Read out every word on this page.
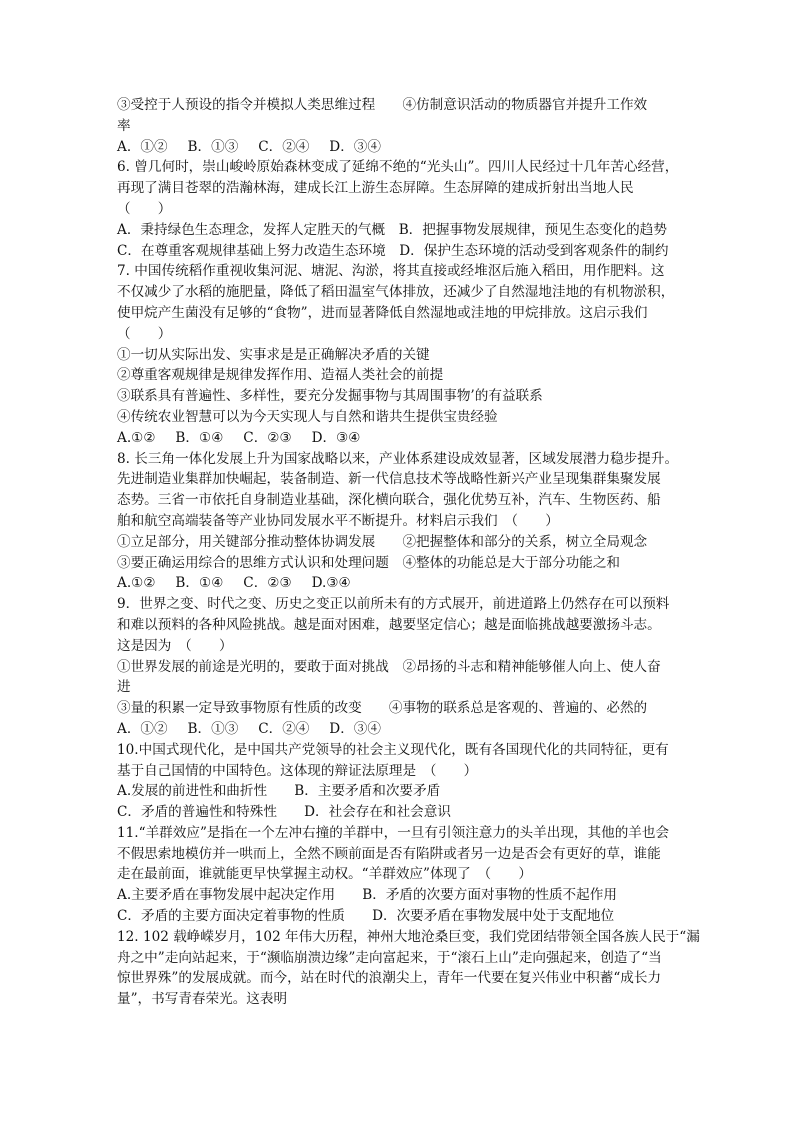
③受控于人预设的指令并模拟人类思维过程　　④仿制意识活动的物质器官并提升工作效
率
A．①②　 B．①③　 C．②④　 D．③④
6. 曾几何时，崇山峻岭原始森林变成了延绵不绝的“光头山”。四川人民经过十几年苦心经营，
再现了满目苍翠的浩瀚林海，建成长江上游生态屏障。生态屏障的建成折射出当地人民
（　　）
A．秉持绿色生态理念，发挥人定胜天的气概　B．把握事物发展规律，预见生态变化的趋势
C．在尊重客观规律基础上努力改造生态环境　D．保护生态环境的活动受到客观条件的制约
7. 中国传统稻作重视收集河泥、塘泥、沟淤，将其直接或经堆沤后施入稻田，用作肥料。这
不仅减少了水稻的施肥量，降低了稻田温室气体排放，还减少了自然湿地洼地的有机物淤积，
使甲烷产生菌没有足够的“食物”，进而显著降低自然湿地或洼地的甲烷排放。这启示我们
（　　）
①一切从实际出发、实事求是是正确解决矛盾的关键
②尊重客观规律是规律发挥作用、造福人类社会的前提
③联系具有普遍性、多样性，要充分发掘事物与其周围事物’的有益联系
④传统农业智慧可以为今天实现人与自然和谐共生提供宝贵经验
A.①②　 B．①④　 C．②③　 D．③④
8. 长三角一体化发展上升为国家战略以来，产业体系建设成效显著，区域发展潜力稳步提升。
先进制造业集群加快崛起，装备制造、新一代信息技术等战略性新兴产业呈现集群集聚发展
态势。三省一市依托自身制造业基础，深化横向联合，强化优势互补，汽车、生物医药、船
舶和航空高端装备等产业协同发展水平不断提升。材料启示我们　（　　）
①立足部分，用关键部分推动整体协调发展　　②把握整体和部分的关系，树立全局观念
③要正确运用综合的思维方式认识和处理问题　④整体的功能总是大于部分功能之和
A.①②　 B．①④　 C．②③　 D.③④
9．世界之变、时代之变、历史之变正以前所未有的方式展开，前进道路上仍然存在可以预料
和难以预料的各种风险挑战。越是面对困难，越要坚定信心；越是面临挑战越要激扬斗志。
这是因为　（　　）
①世界发展的前途是光明的，要敢于面对挑战　②昂扬的斗志和精神能够催人向上、使人奋
进
③量的积累一定导致事物原有性质的改变　　④事物的联系总是客观的、普遍的、必然的
A．①②　 B．①③　 C．②④　 D．③④
10.中国式现代化，是中国共产党领导的社会主义现代化，既有各国现代化的共同特征，更有
基于自己国情的中国特色。这体现的辩证法原理是　（　　）
A.发展的前进性和曲折性　　B．主要矛盾和次要矛盾
C．矛盾的普遍性和特殊性　　D．社会存在和社会意识
11.“羊群效应”是指在一个左冲右撞的羊群中，一旦有引领注意力的头羊出现，其他的羊也会
不假思索地模仿并一哄而上，全然不顾前面是否有陷阱或者另一边是否会有更好的草，谁能
走在最前面，谁就能更早快掌握主动权。“羊群效应”体现了　（　　）
A.主要矛盾在事物发展中起决定作用　　B．矛盾的次要方面对事物的性质不起作用
C．矛盾的主要方面决定着事物的性质　　D．次要矛盾在事物发展中处于支配地位
12. 102 载峥嵘岁月，102 年伟大历程，神州大地沧桑巨变，我们党团结带领全国各族人民于“漏
舟之中”走向站起来，于“濒临崩溃边缘”走向富起来，于“滚石上山”走向强起来，创造了“当
惊世界殊”的发展成就。而今，站在时代的浪潮尖上，青年一代要在复兴伟业中积蓄“成长力
量”，书写青春荣光。这表明
